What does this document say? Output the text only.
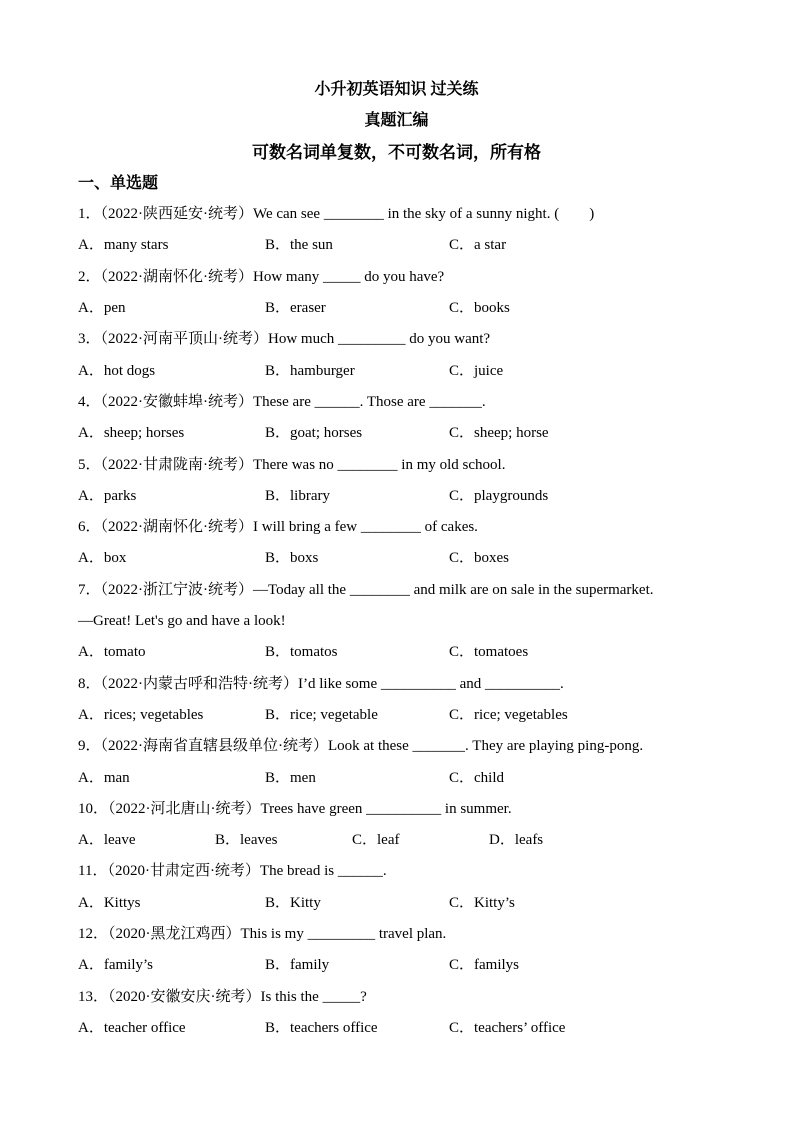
小升初英语知识 过关练
真题汇编
可数名词单复数，不可数名词，所有格
一、单选题
1．（2022·陕西延安·统考）We can see ________ in the sky of a sunny night. (　　)
A．many stars	B．the sun	C．a star
2．（2022·湖南怀化·统考）How many _____ do you have?
A．pen	B．eraser	C．books
3．（2022·河南平顶山·统考）How much _________ do you want?
A．hot dogs	B．hamburger	C．juice
4．（2022·安徽蚌埠·统考）These are ______. Those are _______.
A．sheep; horses	B．goat; horses	C．sheep; horse
5．（2022·甘肃陇南·统考）There was no ________ in my old school.
A．parks	B．library	C．playgrounds
6．（2022·湖南怀化·统考）I will bring a few ________ of cakes.
A．box	B．boxs	C．boxes
7．（2022·浙江宁波·统考）—Today all the ________ and milk are on sale in the supermarket.
—Great! Let's go and have a look!
A．tomato	B．tomatos	C．tomatoes
8．（2022·内蒙古呼和浩特·统考）I’d like some __________ and __________.
A．rices; vegetables	B．rice; vegetable	C．rice; vegetables
9．（2022·海南省直辖县级单位·统考）Look at these _______. They are playing ping-pong.
A．man	B．men	C．child
10．（2022·河北唐山·统考）Trees have green __________ in summer.
A．leave	B．leaves	C．leaf	D．leafs
11．（2020·甘肃定西·统考）The bread is ______.
A．Kittys	B．Kitty	C．Kitty’s
12．（2020·黑龙江鸡西）This is my _________ travel plan.
A．family’s	B．family	C．familys
13．（2020·安徽安庆·统考）Is this the _____?
A．teacher office	B．teachers office	C．teachers’ office
